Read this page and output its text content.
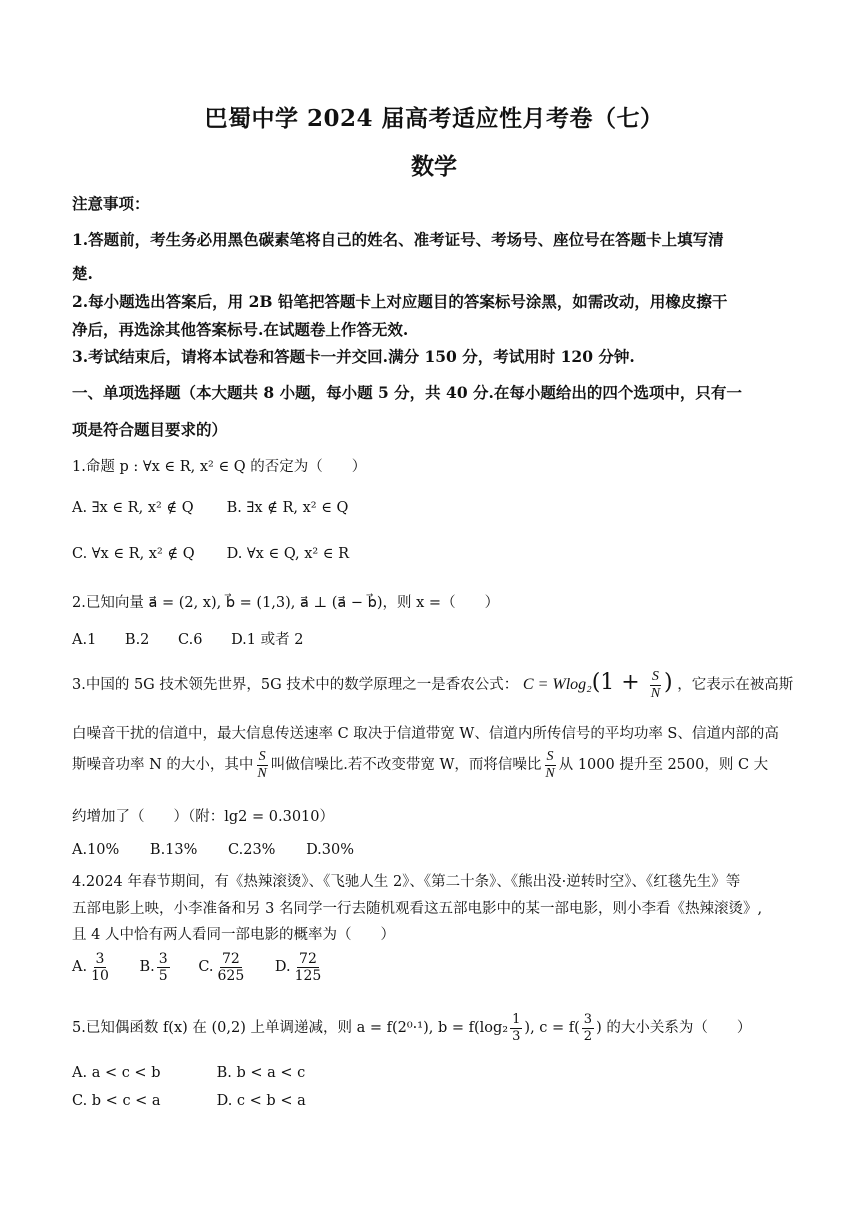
巴蜀中学 2024 届高考适应性月考卷（七）
数学
注意事项：
1.答题前，考生务必用黑色碳素笔将自己的姓名、准考证号、考场号、座位号在答题卡上填写清
楚.
2.每小题选出答案后，用 2B 铅笔把答题卡上对应题目的答案标号涂黑，如需改动，用橡皮擦干
净后，再选涂其他答案标号.在试题卷上作答无效.
3.考试结束后，请将本试卷和答题卡一并交回.满分 150 分，考试用时 120 分钟.
一、单项选择题（本大题共 8 小题，每小题 5 分，共 40 分.在每小题给出的四个选项中，只有一
项是符合题目要求的）
1.命题 p : ∀x ∈ R, x² ∈ Q 的否定为（　　）
A. ∃x ∈ R, x² ∉ Q B. ∃x ∉ R, x² ∈ Q
C. ∀x ∈ R, x² ∉ Q D. ∀x ∈ Q, x² ∈ R
2.已知向量 a⃗ = (2, x), b⃗ = (1,3), a⃗ ⊥ (a⃗ − b⃗)，则 x =（　　）
A.1 B.2 C.6 D.1 或者 2
3.中国的 5G 技术领先世界，5G 技术中的数学原理之一是香农公式： $C = Wlog_2(1 + \frac{S}{N}$ ) ，它表示在被高斯
白噪音干扰的信道中，最大信息传送速率 C 取决于信道带宽 W、信道内所传信号的平均功率 S、信道内部的高
斯噪音功率 N 的大小，其中 $\frac{S}{N}$ 叫做信噪比.若不改变带宽 W，而将信噪比 $\frac{S}{N}$ 从 1000 提升至 2500，则 C 大
约增加了（　　）（附：lg2 = 0.3010）
A.10% B.13% C.23% D.30%
4.2024 年春节期间，有《热辣滚烫》、《飞驰人生 2》、《第二十条》、《熊出没·逆转时空》、《红毯先生》等
五部电影上映，小李准备和另 3 名同学一行去随机观看这五部电影中的某一部电影，则小李看《热辣滚烫》,
且 4 人中恰有两人看同一部电影的概率为（　　）
A. $\frac{3}{10} B$. $\frac{3}{5} C$. $\frac{72}{625} D$. $\frac{72}{125}$
5.已知偶函数 f(x) 在 (0,2) 上单调递减，则 a = f(2⁰·¹), $b = f(\log_2 \frac{1}{3}$ ), $c = f( \frac{3}{2}$ ) 的大小关系为（　　）
A. a < c < b	B. b < a < c
C. b < c < a	D. c < b < a
